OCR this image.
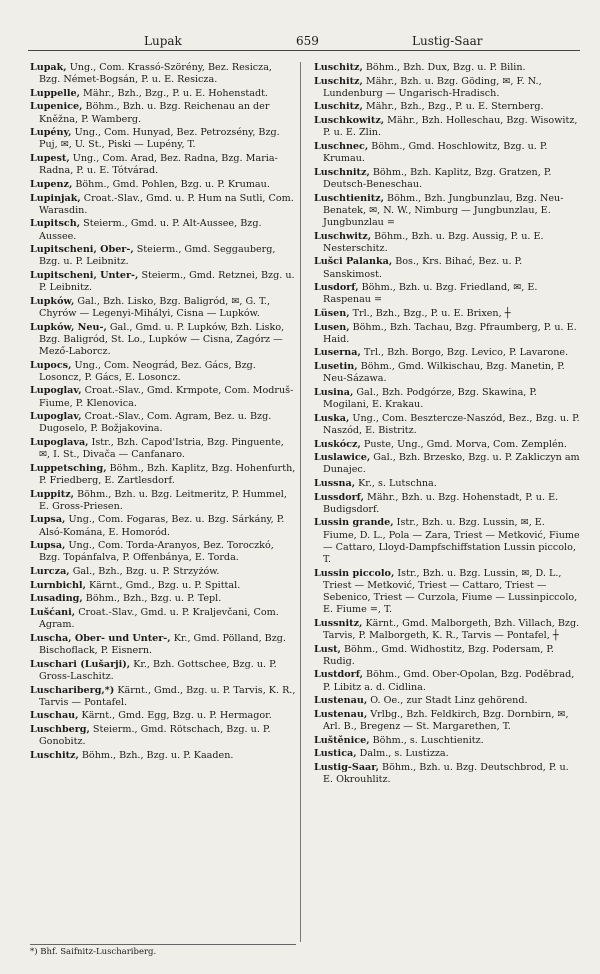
Lupak	659	Lustig-Saar
Lupak, Ung., Com. Krassó-Szörény, Bez. Resicza, Bzg. Német-Bogsán, P. u. E. Resicza.
Luppelle, Mähr., Bzh., Bzg., P. u. E. Hohenstadt.
Lupenice, Böhm., Bzh. u. Bzg. Reichenau an der Kněžna, P. Wamberg.
Lupény, Ung., Com. Hunyad, Bez. Petrozsény, Bzg. Puj, ✉, U. St., Piski — Lupény, T.
Lupest, Ung., Com. Arad, Bez. Radna, Bzg. Maria-Radna, P. u. E. Tótvárad.
Lupenz, Böhm., Gmd. Pohlen, Bzg. u. P. Krumau.
Lupinjak, Croat.-Slav., Gmd. u. P. Hum na Sutli, Com. Warasdin.
Lupitsch, Steierm., Gmd. u. P. Alt-Aussee, Bzg. Aussee.
Lupitscheni, Ober-, Steierm., Gmd. Seggauberg, Bzg. u. P. Leibnitz.
Lupitscheni, Unter-, Steierm., Gmd. Retznei, Bzg. u. P. Leibnitz.
Lupków, Gal., Bzh. Lisko, Bzg. Baligród, ✉, G. T., Chyrów — Legenyi-Mihályi, Cisna — Lupków.
Lupków, Neu-, Gal., Gmd. u. P. Lupków, Bzh. Lisko, Bzg. Baligród, St. Lo., Lupków — Cisna, Zagórz — Mező-Laborcz.
Lupocs, Ung., Com. Neográd, Bez. Gács, Bzg. Losoncz, P. Gács, E. Losoncz.
Lupoglav, Croat.-Slav., Gmd. Krmpote, Com. Modruš-Fiume, P. Klenovica.
Lupoglav, Croat.-Slav., Com. Agram, Bez. u. Bzg. Dugoselo, P. Božjakovina.
Lupoglava, Istr., Bzh. Capod'Istria, Bzg. Pinguente, ✉, I. St., Divača — Canfanaro.
Luppetsching, Böhm., Bzh. Kaplitz, Bzg. Hohenfurth, P. Friedberg, E. Zartlesdorf.
Luppitz, Böhm., Bzh. u. Bzg. Leitmeritz, P. Hummel, E. Gross-Priesen.
Lupsa, Ung., Com. Fogaras, Bez. u. Bzg. Sárkány, P. Alsó-Komána, E. Homoród.
Lupsa, Ung., Com. Torda-Aranyos, Bez. Toroczkó, Bzg. Topánfalva, P. Offenbánya, E. Torda.
Lurcza, Gal., Bzh., Bzg. u. P. Strzyżów.
Lurnbichl, Kärnt., Gmd., Bzg. u. P. Spittal.
Lusading, Böhm., Bzh., Bzg. u. P. Tepl.
Lušćani, Croat.-Slav., Gmd. u. P. Kraljevčani, Com. Agram.
Luscha, Ober- und Unter-, Kr., Gmd. Pölland, Bzg. Bischoflack, P. Eisnern.
Luschari (Lušarji), Kr., Bzh. Gottschee, Bzg. u. P. Gross-Laschitz.
Luschariberg,*) Kärnt., Gmd., Bzg. u. P. Tarvis, K. R., Tarvis — Pontafel.
Luschau, Kärnt., Gmd. Egg, Bzg. u. P. Hermagor.
Luschberg, Steierm., Gmd. Rötschach, Bzg. u. P. Gonobitz.
Luschitz, Böhm., Bzh., Bzg. u. P. Kaaden.
Luschitz, Böhm., Bzh. Dux, Bzg. u. P. Bilin.
Luschitz, Mähr., Bzh. u. Bzg. Göding, ✉, F. N., Lundenburg — Ungarisch-Hradisch.
Luschitz, Mähr., Bzh., Bzg., P. u. E. Sternberg.
Luschkowitz, Mähr., Bzh. Holleschau, Bzg. Wisowitz, P. u. E. Zlin.
Luschnec, Böhm., Gmd. Hoschlowitz, Bzg. u. P. Krumau.
Luschnitz, Böhm., Bzh. Kaplitz, Bzg. Gratzen, P. Deutsch-Beneschau.
Luschtienitz, Böhm., Bzh. Jungbunzlau, Bzg. Neu-Benatek, ✉, N. W., Nimburg — Jungbunzlau, E. Jungbunzlau =
Luschwitz, Böhm., Bzh. u. Bzg. Aussig, P. u. E. Nesterschitz.
Lušci Palanka, Bos., Krs. Bihać, Bez. u. P. Sanskimost.
Lusdorf, Böhm., Bzh. u. Bzg. Friedland, ✉, E. Raspenau =
Lüsen, Trl., Bzh., Bzg., P. u. E. Brixen, ┼
Lusen, Böhm., Bzh. Tachau, Bzg. Pfraumberg, P. u. E. Haid.
Luserna, Trl., Bzh. Borgo, Bzg. Levico, P. Lavarone.
Lusetin, Böhm., Gmd. Wilkischau, Bzg. Manetin, P. Neu-Sázawa.
Lusina, Gal., Bzh. Podgórze, Bzg. Skawina, P. Mogilani, E. Krakau.
Luska, Ung., Com. Beszterczе-Naszód, Bez., Bzg. u. P. Naszód, E. Bistritz.
Luskócz, Puste, Ung., Gmd. Morva, Com. Zemplén.
Luslawice, Gal., Bzh. Brzesko, Bzg. u. P. Zakliczyn am Dunajec.
Lussna, Kr., s. Lutschna.
Lussdorf, Mähr., Bzh. u. Bzg. Hohenstadt, P. u. E. Budigsdorf.
Lussin grande, Istr., Bzh. u. Bzg. Lussin, ✉, E. Fiume, D. L., Pola — Zara, Triest — Metković, Fiume — Cattaro, Lloyd-Dampfschiffstation Lussin piccolo, T.
Lussin piccolo, Istr., Bzh. u. Bzg. Lussin, ✉, D. L., Triest — Metković, Triest — Cattaro, Triest — Sebenico, Triest — Curzola, Fiume — Lussinpiccolo, E. Fiume =, T.
Lussnitz, Kärnt., Gmd. Malborgeth, Bzh. Villach, Bzg. Tarvis, P. Malborgeth, K. R., Tarvis — Pontafel, ┼
Lust, Böhm., Gmd. Widhostitz, Bzg. Podersam, P. Rudig.
Lustdorf, Böhm., Gmd. Ober-Opolan, Bzg. Poděbrad, P. Libitz a. d. Cidlina.
Lustenau, O. Oe., zur Stadt Linz gehörend.
Lustenau, Vrlbg., Bzh. Feldkirch, Bzg. Dornbirn, ✉, Arl. B., Bregenz — St. Margarethen, T.
Luštěnice, Böhm., s. Luschtienitz.
Lustica, Dalm., s. Lustizza.
Lustig-Saar, Böhm., Bzh. u. Bzg. Deutschbrod, P. u. E. Okrouhlitz.
*) Bhf. Saifnitz-Luschariberg.
